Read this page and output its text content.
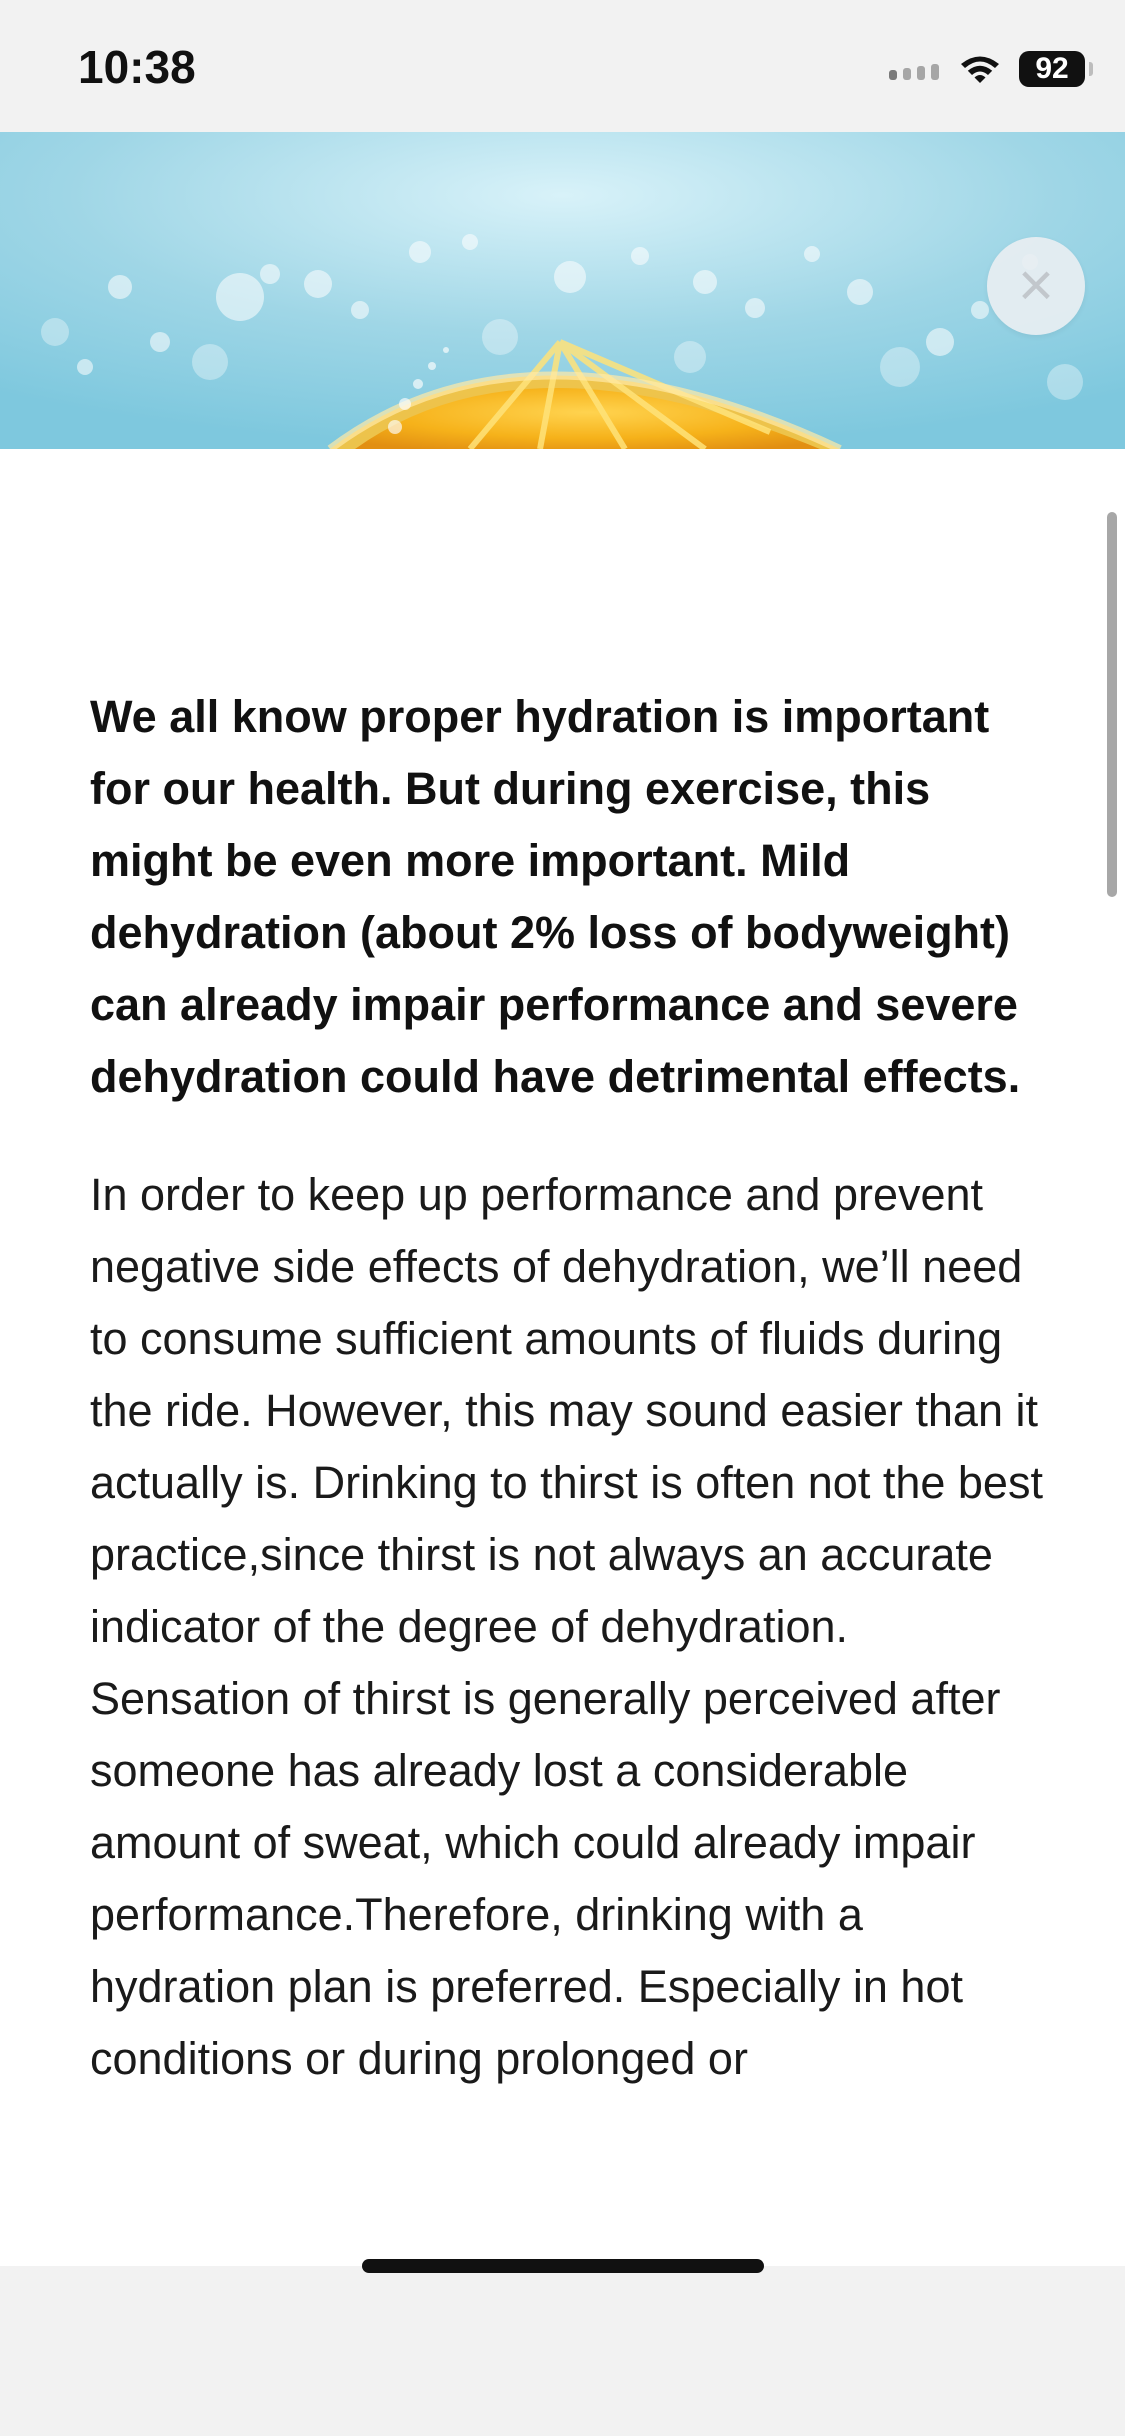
10:38	92
×

We all know proper hydration is important for our health. But during exercise, this might be even more important. Mild dehydration (about 2% loss of bodyweight) can already impair performance and severe dehydration could have detrimental effects.

In order to keep up performance and prevent negative side effects of dehydration, we’ll need to consume sufficient amounts of fluids during the ride. However, this may sound easier than it actually is. Drinking to thirst is often not the best practice,since thirst is not always an accurate indicator of the degree of dehydration. Sensation of thirst is generally perceived after someone has already lost a considerable amount of sweat, which could already impair performance.Therefore, drinking with a hydration plan is preferred. Especially in hot conditions or during prolonged or
